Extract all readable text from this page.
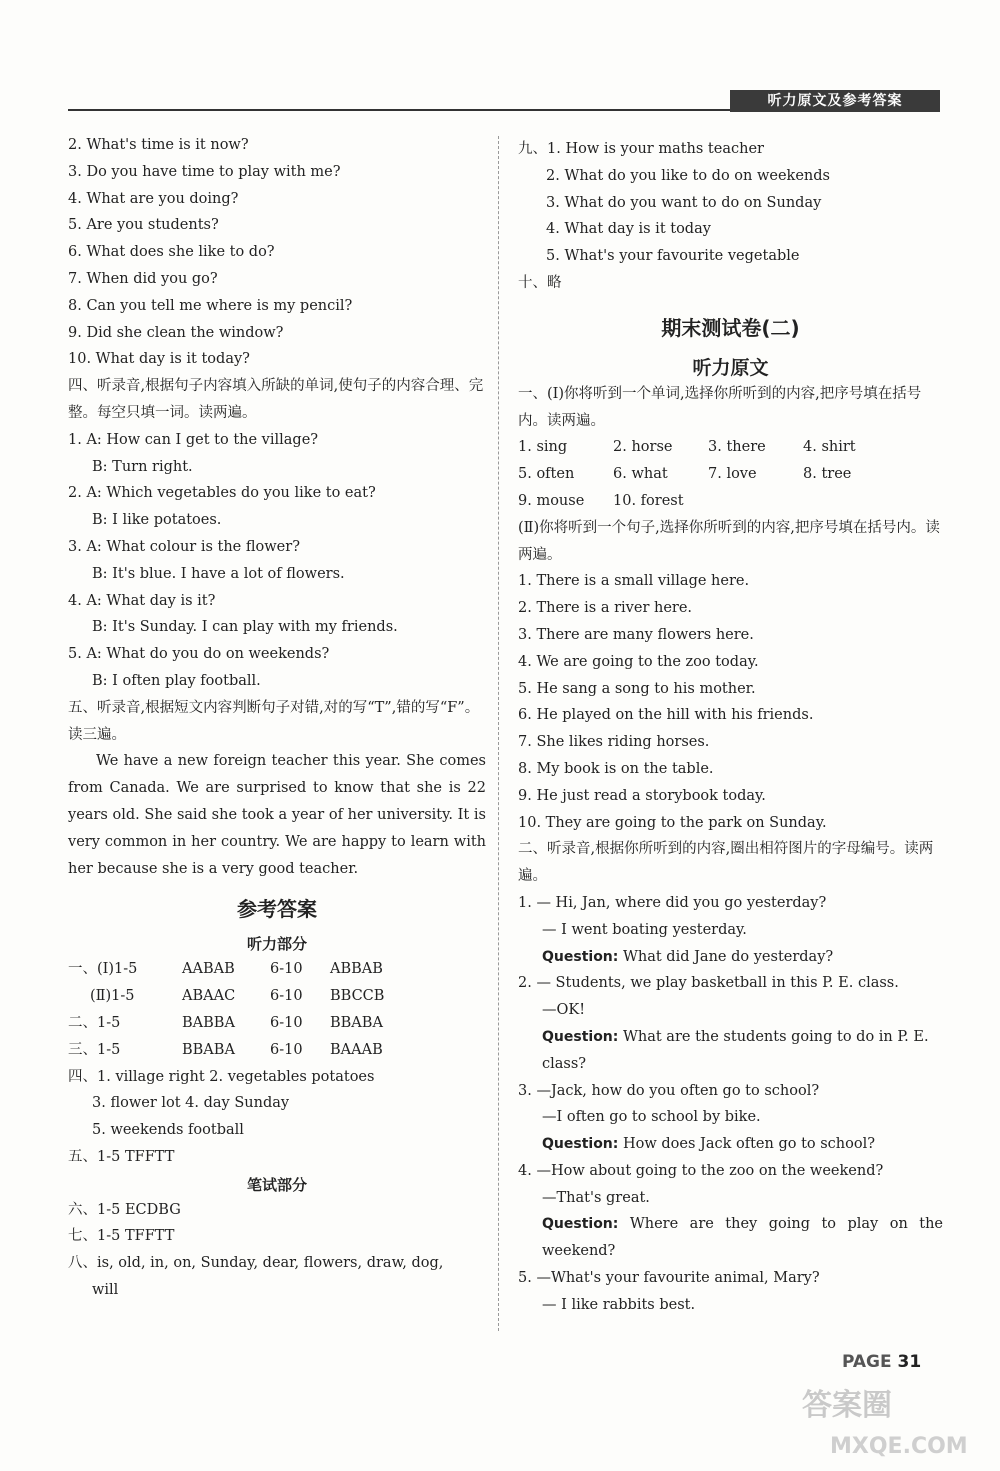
听力原文及参考答案
2. What's time is it now?
3. Do you have time to play with me?
4. What are you doing?
5. Are you students?
6. What does she like to do?
7. When did you go?
8. Can you tell me where is my pencil?
9. Did she clean the window?
10. What day is it today?
四、听录音,根据句子内容填入所缺的单词,使句子的内容合理、完整。每空只填一词。读两遍。
1. A: How can I get to the village?
B: Turn right.
2. A: Which vegetables do you like to eat?
B: I like potatoes.
3. A: What colour is the flower?
B: It's blue. I have a lot of flowers.
4. A: What day is it?
B: It's Sunday. I can play with my friends.
5. A: What do you do on weekends?
B: I often play football.
五、听录音,根据短文内容判断句子对错,对的写“T”,错的写“F”。读三遍。
We have a new foreign teacher this year. She comes from Canada. We are surprised to know that she is 22 years old. She said she took a year of her university. It is very common in her country. We are happy to learn with her because she is a very good teacher.
参考答案
听力部分
一、(Ⅰ)1-5	AABAB	6-10	ABBAB
(Ⅱ)1-5	ABAAC	6-10	BBCCB
二、1-5	BABBA	6-10	BBABA
三、1-5	BBABA	6-10	BAAAB
四、1. village right 2. vegetables potatoes
3. flower lot 4. day Sunday
5. weekends football
五、1-5 TFFTT
笔试部分
六、1-5 ECDBG
七、1-5 TFFTT
八、is, old, in, on, Sunday, dear, flowers, draw, dog,
will
九、1. How is your maths teacher
2. What do you like to do on weekends
3. What do you want to do on Sunday
4. What day is it today
5. What's your favourite vegetable
十、略
期末测试卷(二)
听力原文
一、(Ⅰ)你将听到一个单词,选择你所听到的内容,把序号填在括号内。读两遍。
1. sing	2. horse	3. there	4. shirt
5. often	6. what	7. love	8. tree
9. mouse	10. forest
(Ⅱ)你将听到一个句子,选择你所听到的内容,把序号填在括号内。读两遍。
1. There is a small village here.
2. There is a river here.
3. There are many flowers here.
4. We are going to the zoo today.
5. He sang a song to his mother.
6. He played on the hill with his friends.
7. She likes riding horses.
8. My book is on the table.
9. He just read a storybook today.
10. They are going to the park on Sunday.
二、听录音,根据你所听到的内容,圈出相符图片的字母编号。读两遍。
1. — Hi, Jan, where did you go yesterday?
— I went boating yesterday.
Question: What did Jane do yesterday?
2. — Students, we play basketball in this P. E. class.
—OK!
Question: What are the students going to do in P. E. class?
3. —Jack, how do you often go to school?
—I often go to school by bike.
Question: How does Jack often go to school?
4. —How about going to the zoo on the weekend?
—That's great.
Question: Where are they going to play on the weekend?
5. —What's your favourite animal, Mary?
— I like rabbits best.
PAGE 31
答案圈
MXQE.COM
